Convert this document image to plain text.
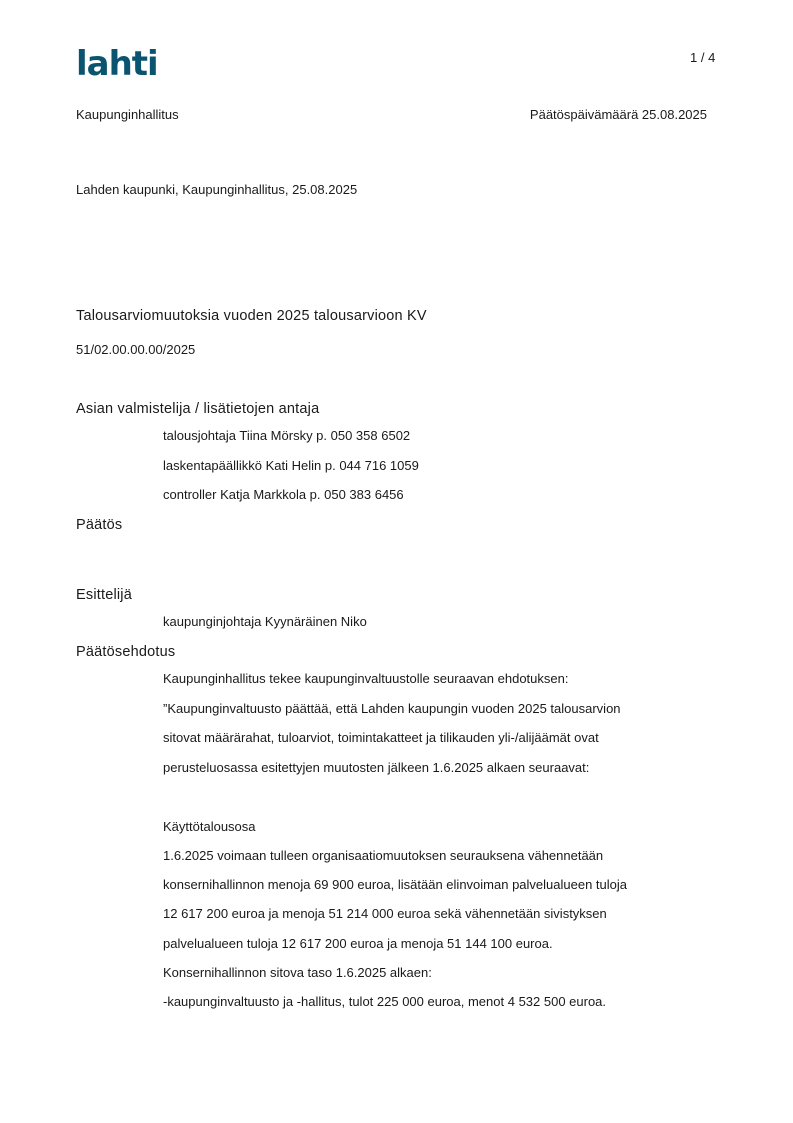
lahti	1 / 4
Kaupunginhallitus	Päätöspäivämäärä 25.08.2025
Lahden kaupunki, Kaupunginhallitus, 25.08.2025
Talousarviomuutoksia vuoden 2025 talousarvioon KV
51/02.00.00.00/2025
Asian valmistelija / lisätietojen antaja
talousjohtaja Tiina Mörsky p. 050 358 6502
laskentapäällikkö Kati Helin p. 044 716 1059
controller Katja Markkola p. 050 383 6456
Päätös
Esittelijä
kaupunginjohtaja Kyynäräinen Niko
Päätösehdotus
Kaupunginhallitus tekee kaupunginvaltuustolle seuraavan ehdotuksen:
”Kaupunginvaltuusto päättää, että Lahden kaupungin vuoden 2025 talousarvion
sitovat määrärahat, tuloarviot, toimintakatteet ja tilikauden yli-/alijäämät ovat
perusteluosassa esitettyjen muutosten jälkeen 1.6.2025 alkaen seuraavat:
Käyttötalousosa
1.6.2025 voimaan tulleen organisaatiomuutoksen seurauksena vähennetään
konsernihallinnon menoja 69 900 euroa, lisätään elinvoiman palvelualueen tuloja
12 617 200 euroa ja menoja 51 214 000 euroa sekä vähennetään sivistyksen
palvelualueen tuloja 12 617 200 euroa ja menoja 51 144 100 euroa.
Konsernihallinnon sitova taso 1.6.2025 alkaen:
-kaupunginvaltuusto ja -hallitus, tulot 225 000 euroa, menot 4 532 500 euroa.
